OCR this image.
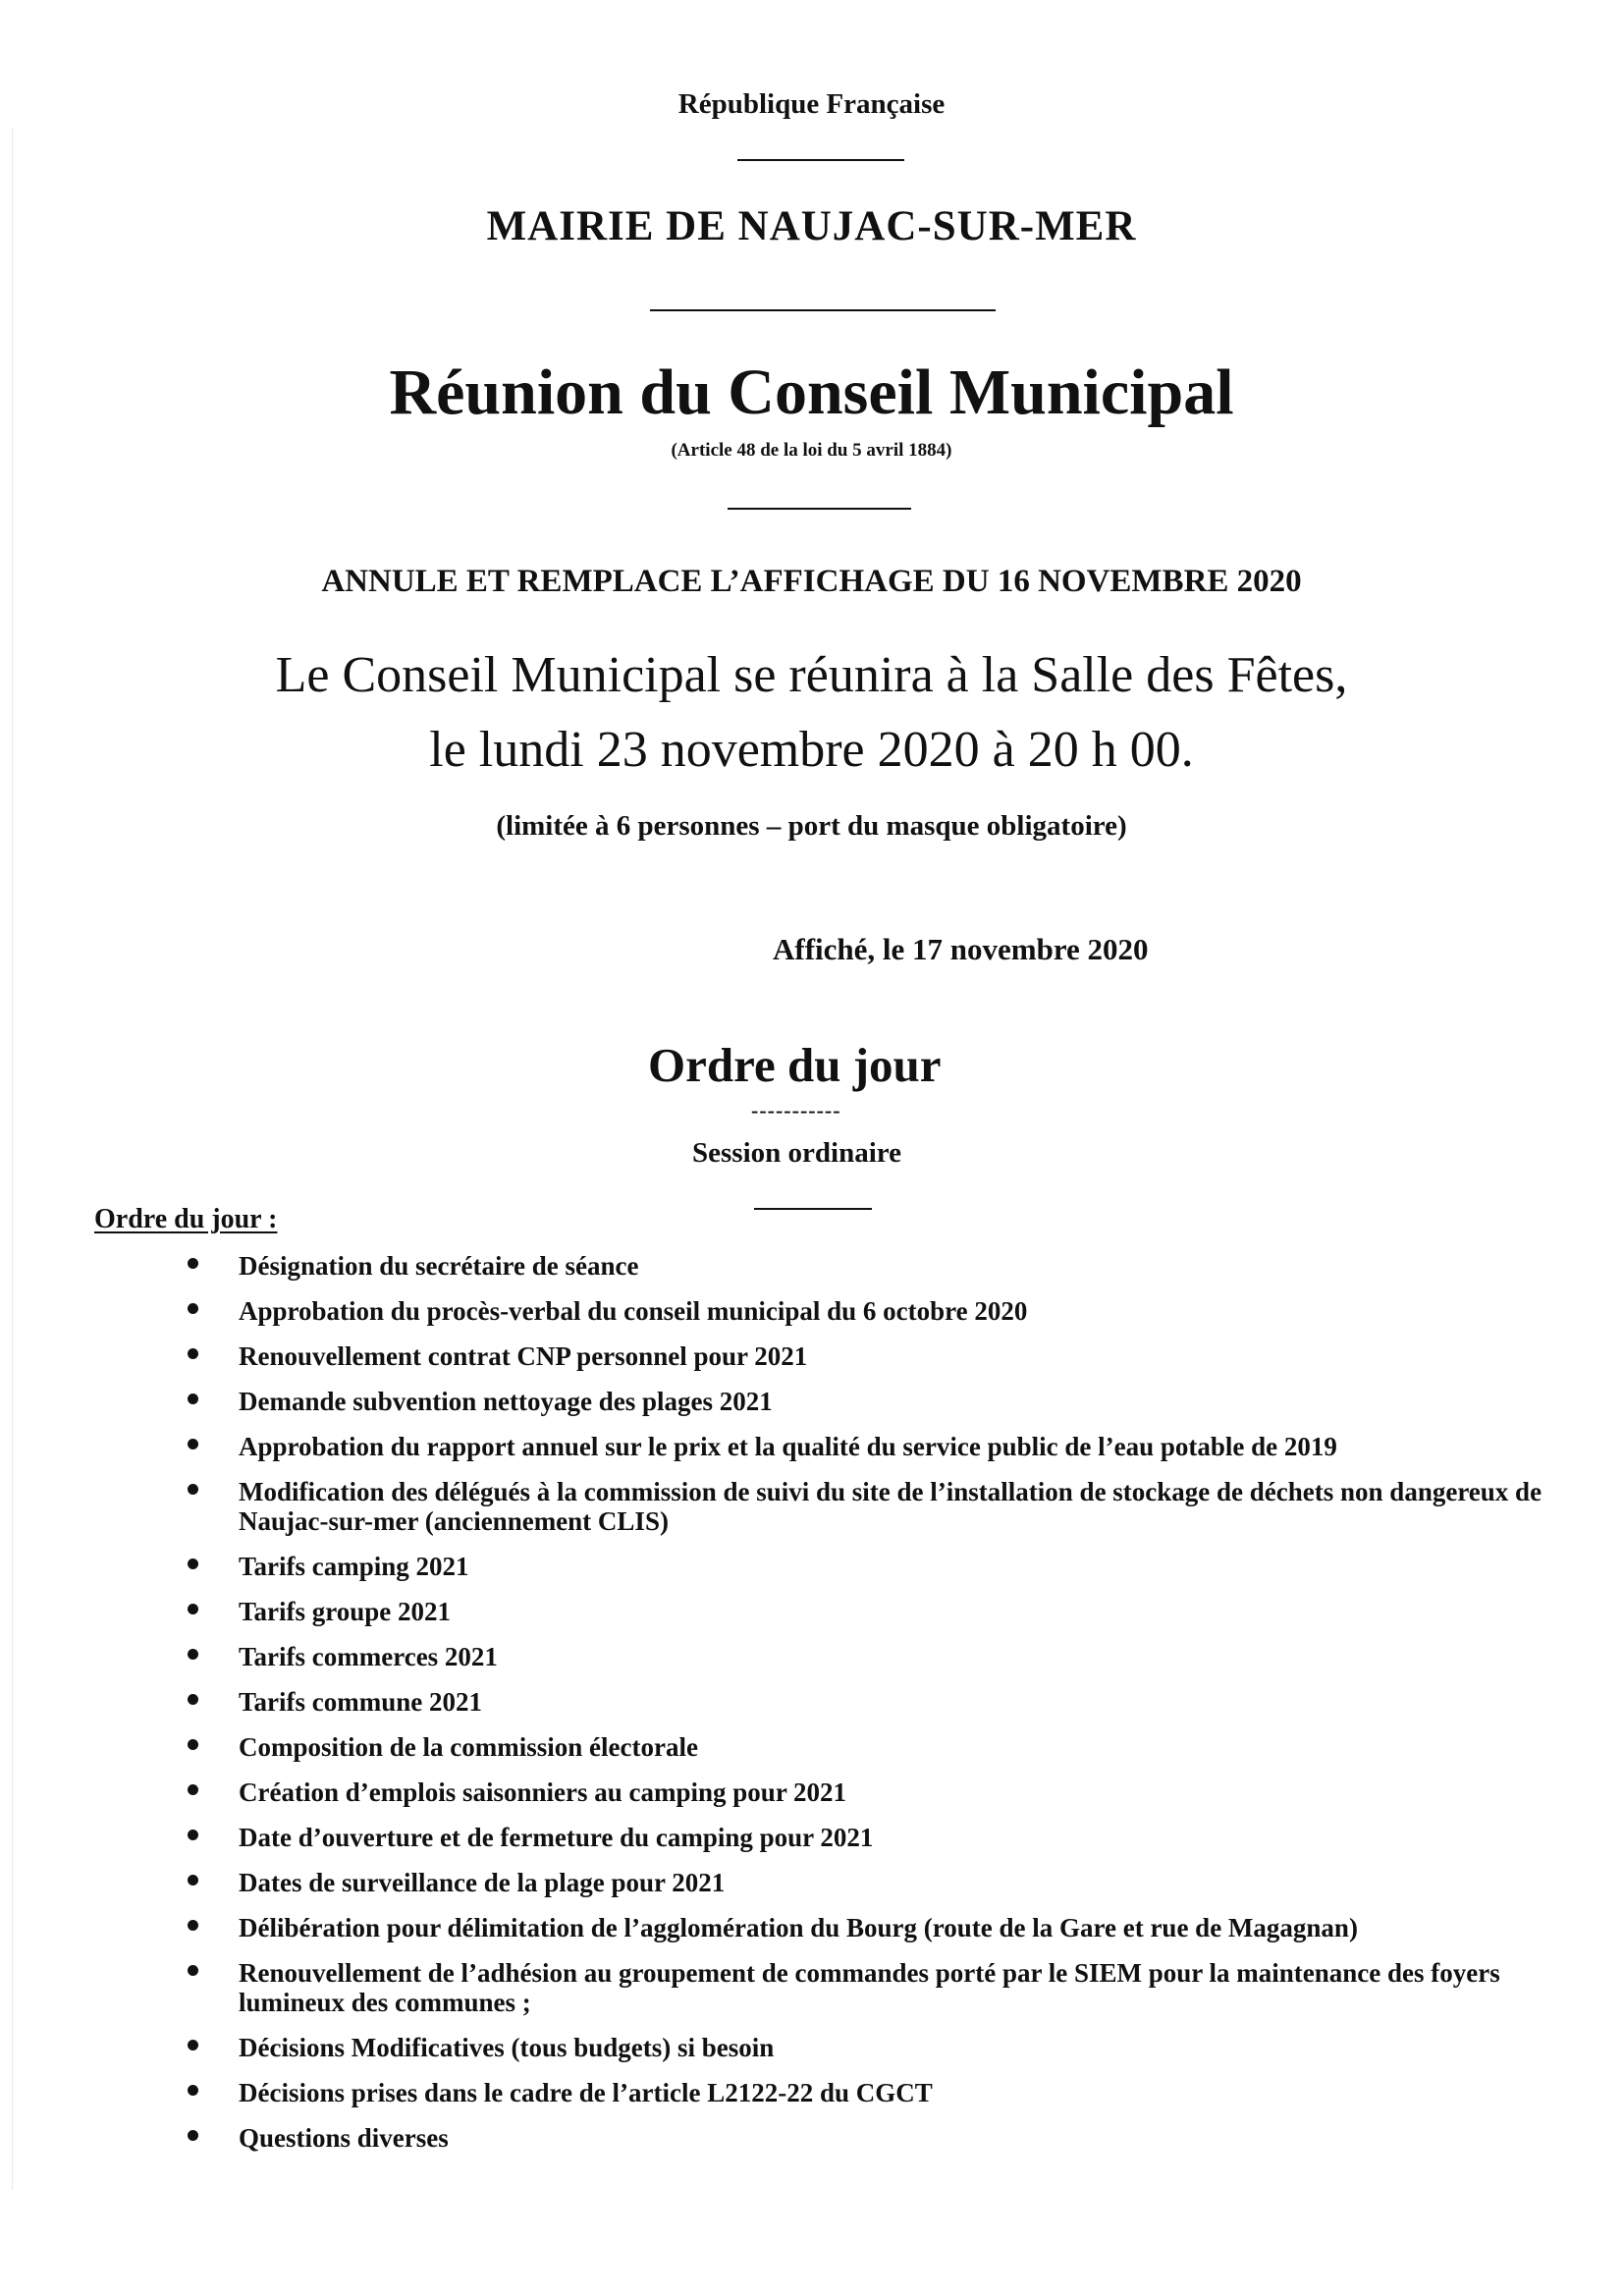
République Française
MAIRIE DE NAUJAC-SUR-MER
Réunion du Conseil Municipal
(Article 48 de la loi du 5 avril 1884)
ANNULE ET REMPLACE L’AFFICHAGE DU 16 NOVEMBRE 2020
Le Conseil Municipal se réunira à la Salle des Fêtes,
le lundi 23 novembre 2020 à 20 h 00.
(limitée à 6 personnes – port du masque obligatoire)
Affiché, le 17 novembre 2020
Ordre du jour
-----------
Session ordinaire
Ordre du jour :
Désignation du secrétaire de séance
Approbation du procès-verbal du conseil municipal du 6 octobre 2020
Renouvellement contrat CNP personnel pour 2021
Demande subvention nettoyage des plages 2021
Approbation du rapport annuel sur le prix et la qualité du service public de l’eau potable de 2019
Modification des délégués à la commission de suivi du site de l’installation de stockage de déchets non dangereux de Naujac-sur-mer (anciennement CLIS)
Tarifs camping 2021
Tarifs groupe 2021
Tarifs commerces 2021
Tarifs commune 2021
Composition de la commission électorale
Création d’emplois saisonniers au camping pour 2021
Date d’ouverture et de fermeture du camping pour 2021
Dates de surveillance de la plage pour 2021
Délibération pour délimitation de l’agglomération du Bourg (route de la Gare et rue de Magagnan)
Renouvellement de l’adhésion au groupement de commandes porté par le SIEM pour la maintenance des foyers lumineux des communes ;
Décisions Modificatives (tous budgets) si besoin
Décisions prises dans le cadre de l’article L2122-22 du CGCT
Questions diverses
